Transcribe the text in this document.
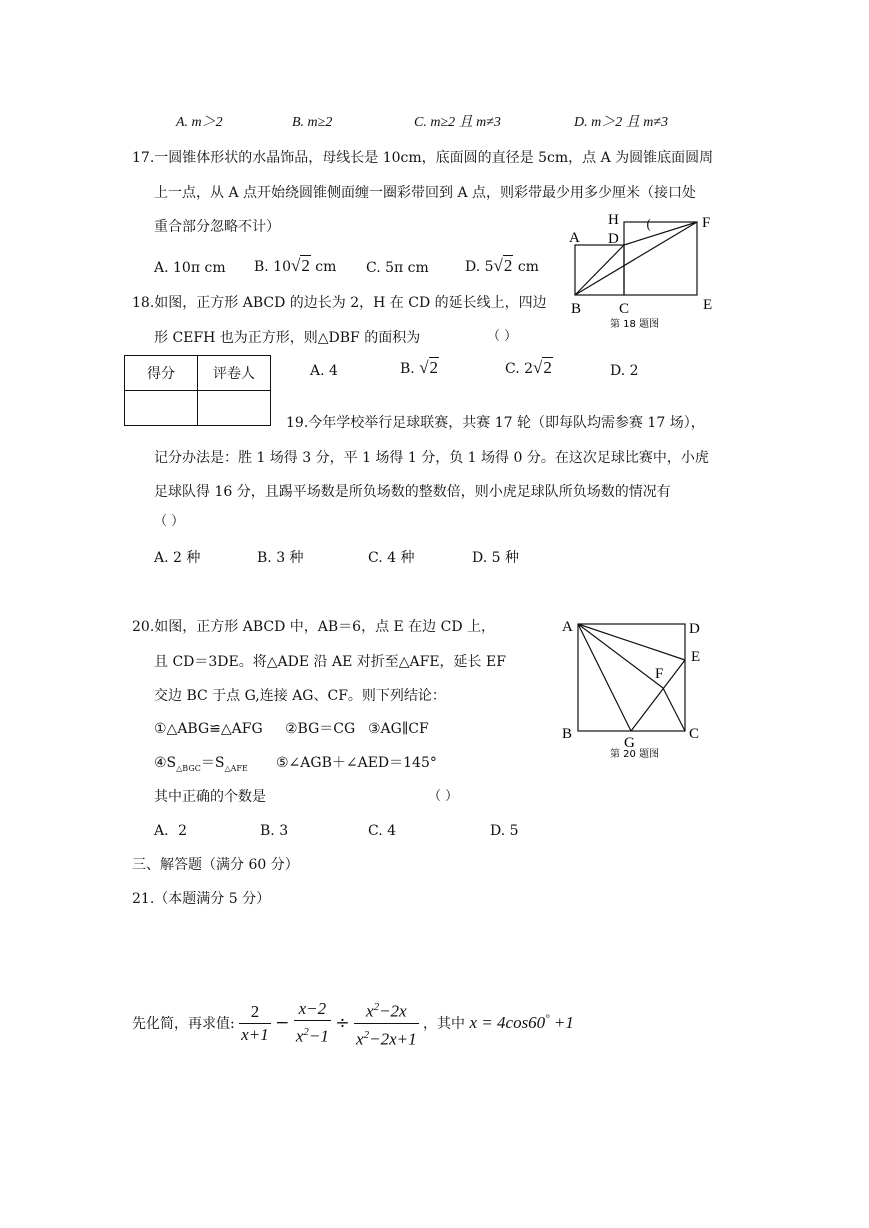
A. m＞2	B. m≥2	C. m≥2 且 m≠3	D. m＞2 且 m≠3
17.一圆锥体形状的水晶饰品，母线长是 10cm，底面圆的直径是 5cm，点 A 为圆锥底面圆周
上一点，从 A 点开始绕圆锥侧面缠一圈彩带回到 A 点，则彩带最少用多少厘米（接口处
重合部分忽略不计）	(
A. 10π cm B. 10√2 cm C. 5π cm	D. 5√2 cm
A D
H	F
B	C	E
第 18 题图
18.如图，正方形 ABCD 的边长为 2，H 在 CD 的延长线上，四边
形 CEFH 也为正方形，则△DBF 的面积为	（ ）
A. 4	B. √2	C. 2√2	D. 2
得分	评卷人

19.今年学校举行足球联赛，共赛 17 轮（即每队均需参赛 17 场），
记分办法是：胜 1 场得 3 分，平 1 场得 1 分，负 1 场得 0 分。在这次足球比赛中，小虎
足球队得 16 分，且踢平场数是所负场数的整数倍，则小虎足球队所负场数的情况有
（ ）
A. 2 种	B. 3 种	C. 4 种	D. 5 种
20.如图，正方形 ABCD 中，AB＝6，点 E 在边 CD 上，
且 CD＝3DE。将△ADE 沿 AE 对折至△AFE，延长 EF
交边 BC 于点 G,连接 AG、CF。则下列结论：
①△ABG≌△AFG ②BG＝CG ③AG∥CF
$④S_{\triangle BGC}=S_{\triangle AFE}$ ⑤∠AGB＋∠AED＝145°
其中正确的个数是	（ ）
A．2	B. 3	C. 4	D. 5
A	D
E
F
B
G
C
第 20 题图
三、解答题（满分 60 分）
21.（本题满分 5 分）
先化简，再求值: $\frac{2}{x+1} - \frac{x-2}{x^2-1} \div \frac{x^2-2x}{x^2-2x+1}$ ，其中 x = 4cos60° +1
